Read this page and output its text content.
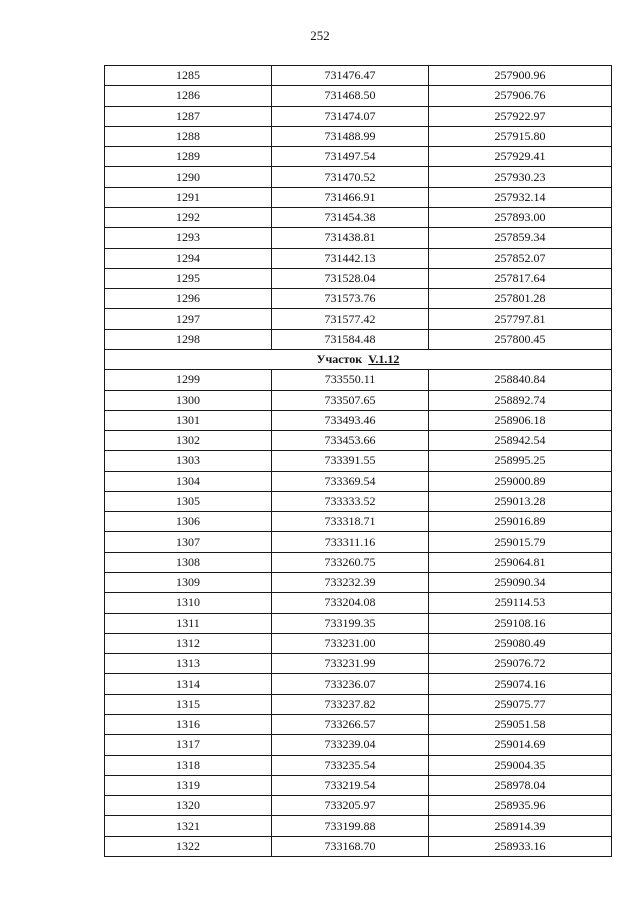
252
1285	731476.47	257900.96
1286	731468.50	257906.76
1287	731474.07	257922.97
1288	731488.99	257915.80
1289	731497.54	257929.41
1290	731470.52	257930.23
1291	731466.91	257932.14
1292	731454.38	257893.00
1293	731438.81	257859.34
1294	731442.13	257852.07
1295	731528.04	257817.64
1296	731573.76	257801.28
1297	731577.42	257797.81
1298	731584.48	257800.45
Участок V.1.12		
1299	733550.11	258840.84
1300	733507.65	258892.74
1301	733493.46	258906.18
1302	733453.66	258942.54
1303	733391.55	258995.25
1304	733369.54	259000.89
1305	733333.52	259013.28
1306	733318.71	259016.89
1307	733311.16	259015.79
1308	733260.75	259064.81
1309	733232.39	259090.34
1310	733204.08	259114.53
1311	733199.35	259108.16
1312	733231.00	259080.49
1313	733231.99	259076.72
1314	733236.07	259074.16
1315	733237.82	259075.77
1316	733266.57	259051.58
1317	733239.04	259014.69
1318	733235.54	259004.35
1319	733219.54	258978.04
1320	733205.97	258935.96
1321	733199.88	258914.39
1322	733168.70	258933.16
